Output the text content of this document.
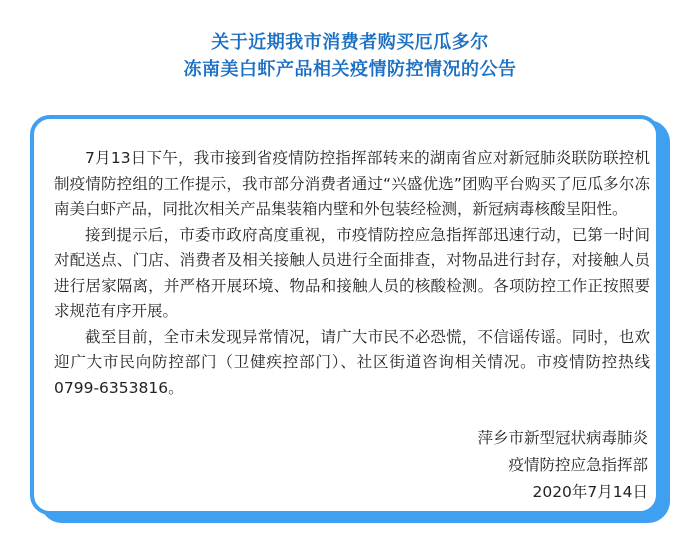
关于近期我市消费者购买厄瓜多尔
冻南美白虾产品相关疫情防控情况的公告

7月13日下午，我市接到省疫情防控指挥部转来的湖南省应对新冠肺炎联防联控机制疫情防控组的工作提示，我市部分消费者通过“兴盛优选”团购平台购买了厄瓜多尔冻南美白虾产品，同批次相关产品集装箱内壁和外包装经检测，新冠病毒核酸呈阳性。

接到提示后，市委市政府高度重视，市疫情防控应急指挥部迅速行动，已第一时间对配送点、门店、消费者及相关接触人员进行全面排查，对物品进行封存，对接触人员进行居家隔离，并严格开展环境、物品和接触人员的核酸检测。各项防控工作正按照要求规范有序开展。

截至目前，全市未发现异常情况，请广大市民不必恐慌，不信谣传谣。同时，也欢迎广大市民向防控部门（卫健疾控部门）、社区街道咨询相关情况。市疫情防控热线0799-6353816。

萍乡市新型冠状病毒肺炎
疫情防控应急指挥部
2020年7月14日
